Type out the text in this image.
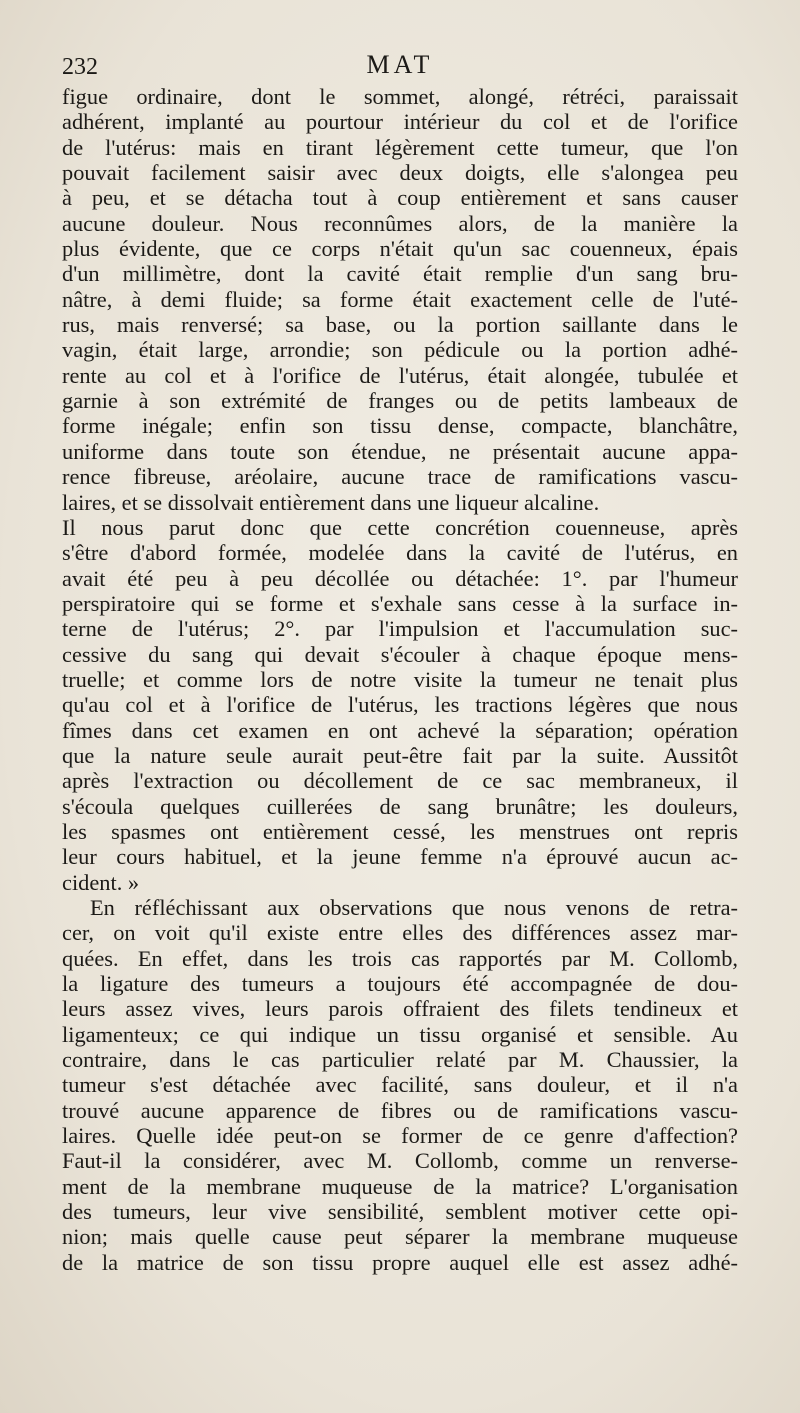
232	MAT
figue ordinaire, dont le sommet, alongé, rétréci, paraissait
adhérent, implanté au pourtour intérieur du col et de l'orifice
de l'utérus: mais en tirant légèrement cette tumeur, que l'on
pouvait facilement saisir avec deux doigts, elle s'alongea peu
à peu, et se détacha tout à coup entièrement et sans causer
aucune douleur. Nous reconnûmes alors, de la manière la
plus évidente, que ce corps n'était qu'un sac couenneux, épais
d'un millimètre, dont la cavité était remplie d'un sang bru-
nâtre, à demi fluide; sa forme était exactement celle de l'uté-
rus, mais renversé; sa base, ou la portion saillante dans le
vagin, était large, arrondie; son pédicule ou la portion adhé-
rente au col et à l'orifice de l'utérus, était alongée, tubulée et
garnie à son extrémité de franges ou de petits lambeaux de
forme inégale; enfin son tissu dense, compacte, blanchâtre,
uniforme dans toute son étendue, ne présentait aucune appa-
rence fibreuse, aréolaire, aucune trace de ramifications vascu-
laires, et se dissolvait entièrement dans une liqueur alcaline.
Il nous parut donc que cette concrétion couenneuse, après
s'être d'abord formée, modelée dans la cavité de l'utérus, en
avait été peu à peu décollée ou détachée: 1°. par l'humeur
perspiratoire qui se forme et s'exhale sans cesse à la surface in-
terne de l'utérus; 2°. par l'impulsion et l'accumulation suc-
cessive du sang qui devait s'écouler à chaque époque mens-
truelle; et comme lors de notre visite la tumeur ne tenait plus
qu'au col et à l'orifice de l'utérus, les tractions légères que nous
fîmes dans cet examen en ont achevé la séparation; opération
que la nature seule aurait peut-être fait par la suite. Aussitôt
après l'extraction ou décollement de ce sac membraneux, il
s'écoula quelques cuillerées de sang brunâtre; les douleurs,
les spasmes ont entièrement cessé, les menstrues ont repris
leur cours habituel, et la jeune femme n'a éprouvé aucun ac-
cident. »
En réfléchissant aux observations que nous venons de retra-
cer, on voit qu'il existe entre elles des différences assez mar-
quées. En effet, dans les trois cas rapportés par M. Collomb,
la ligature des tumeurs a toujours été accompagnée de dou-
leurs assez vives, leurs parois offraient des filets tendineux et
ligamenteux; ce qui indique un tissu organisé et sensible. Au
contraire, dans le cas particulier relaté par M. Chaussier, la
tumeur s'est détachée avec facilité, sans douleur, et il n'a
trouvé aucune apparence de fibres ou de ramifications vascu-
laires. Quelle idée peut-on se former de ce genre d'affection?
Faut-il la considérer, avec M. Collomb, comme un renverse-
ment de la membrane muqueuse de la matrice? L'organisation
des tumeurs, leur vive sensibilité, semblent motiver cette opi-
nion; mais quelle cause peut séparer la membrane muqueuse
de la matrice de son tissu propre auquel elle est assez adhé-
